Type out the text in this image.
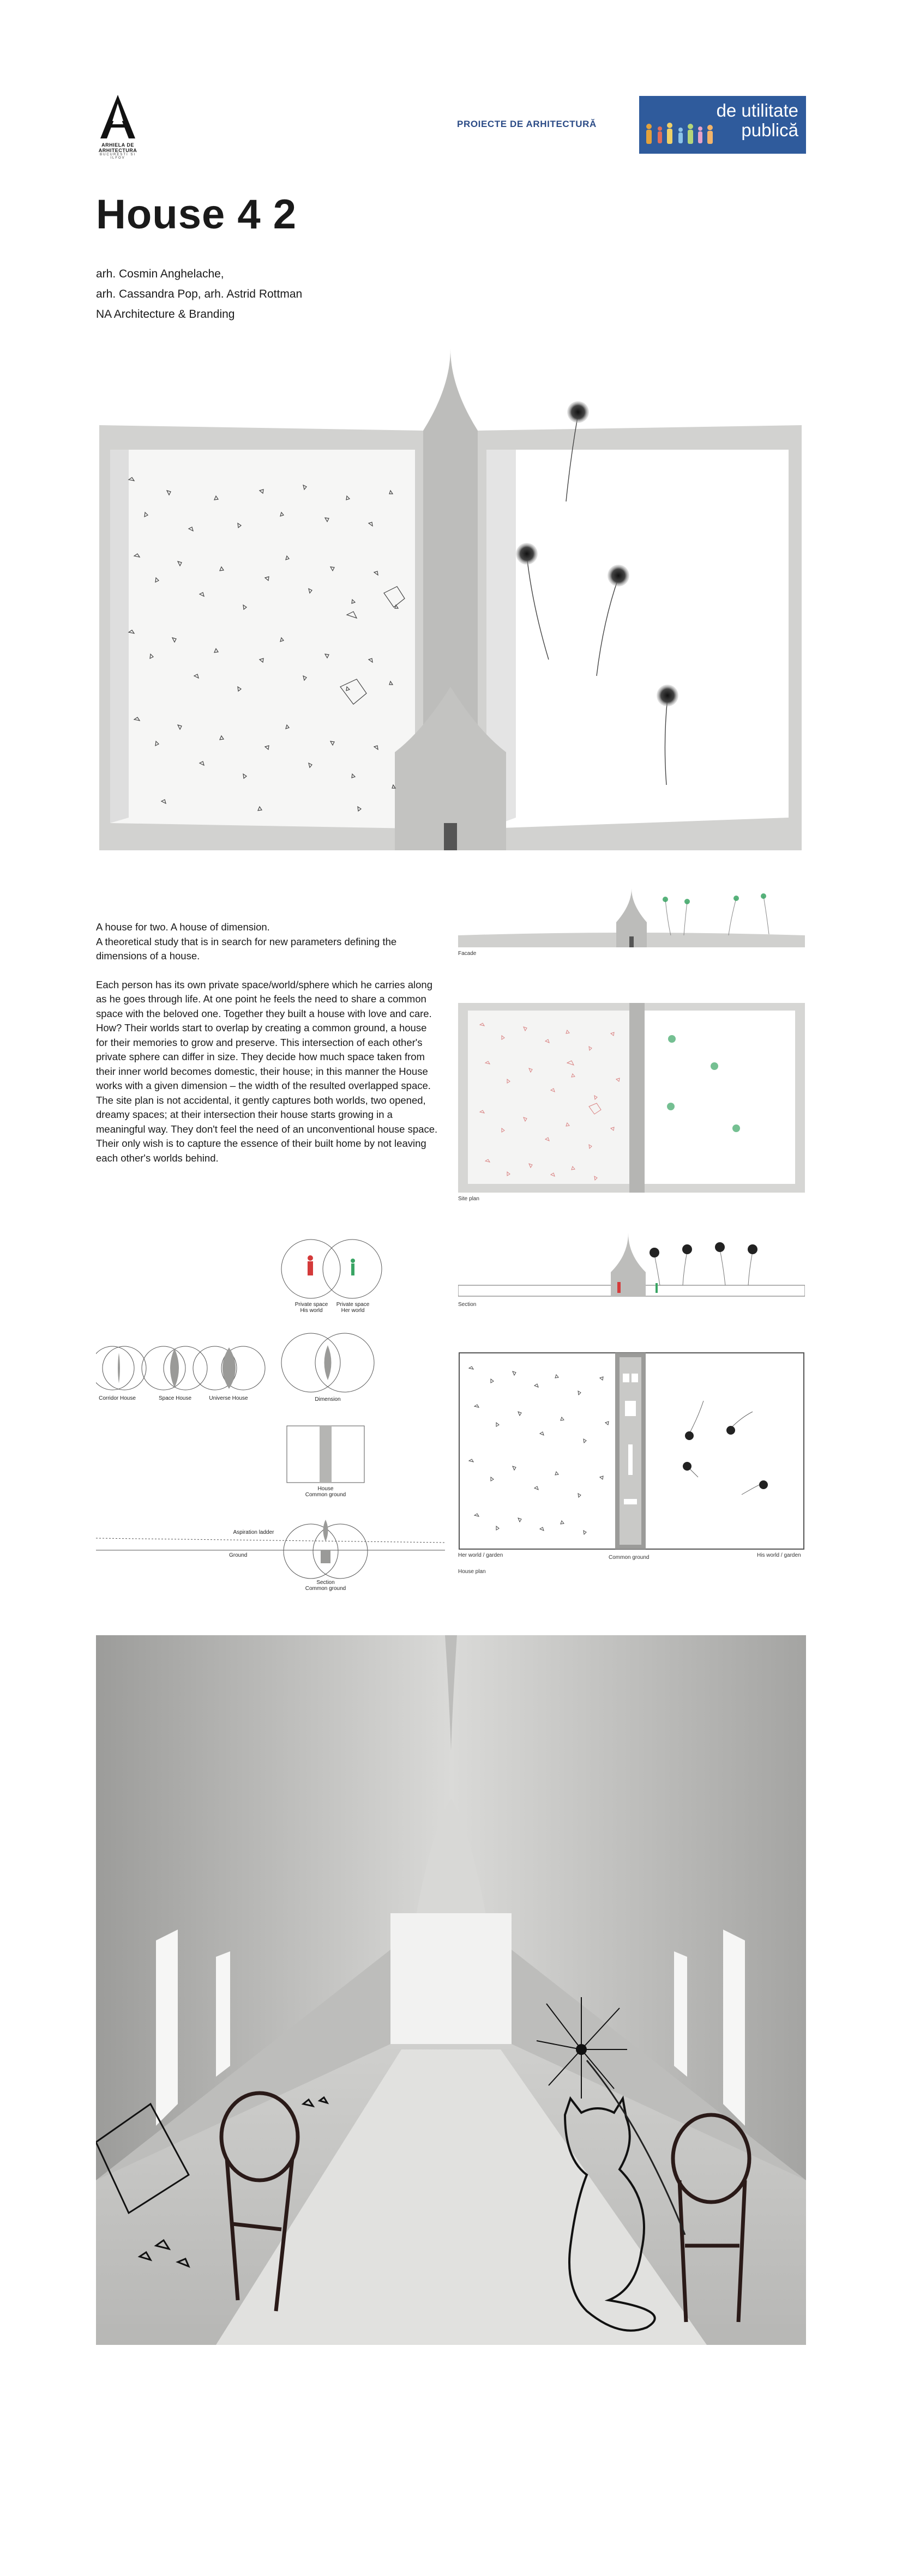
ARHIELA DE ARHITECTURA
BUCURESTI SI ILFOV
PROIECTE DE ARHITECTURĂ
de utilitate
publică
House 4 2
arh. Cosmin Anghelache,
arh. Cassandra Pop, arh. Astrid Rottman
NA Architecture & Branding

A house for two. A house of dimension.
A theoretical study that is in search for new parameters defining the dimensions of a house.

Each person has its own private space/world/sphere which he carries along as he goes through life. At one point he feels the need to share a common space with the beloved one. Together they built a house with love and care. How? Their worlds start to overlap by creating a common ground, a house for their memories to grow and preserve. This intersection of each other's private sphere can differ in size. They decide how much space taken from their inner world becomes domestic, their house; in this manner the House works with a given dimension – the width of the resulted overlapped space. The site plan is not accidental, it gently captures both worlds, two opened, dreamy spaces; at their intersection their house starts growing in a meaningful way. They don't feel the need of an unconventional house space. Their only wish is to capture the essence of their built home by not leaving each other's worlds behind.

Facade
Site plan
Private space
His world
Private space
Her world
Corridor House	Space House	Universe House	Dimension
House
Common ground
Section
Common ground
Aspiration ladder
Ground
Section
Her world / garden	Common ground	His world / garden
House plan
